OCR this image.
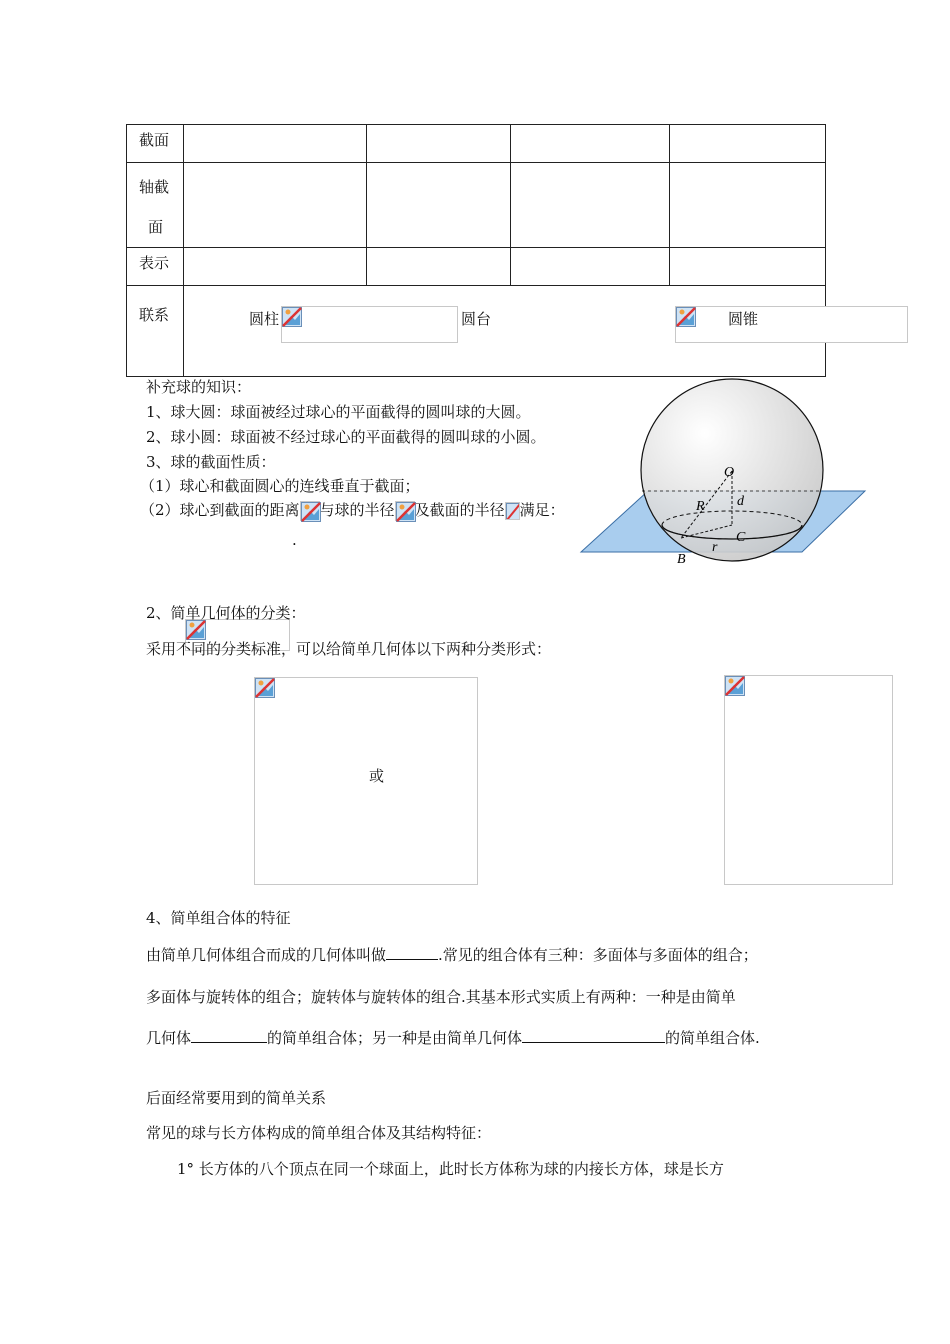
截面				

轴截
面				

表示				

联系	圆柱
圆台 圆锥			
补充球的知识：
1、球大圆：球面被经过球心的平面截得的圆叫球的大圆。
2、球小圆：球面被不经过球心的平面截得的圆叫球的小圆。
3、球的截面性质：
（1）球心和截面圆心的连线垂直于截面；
（2）球心到截面的距离 与球的半径 及截面的半径 满足：

.
O
d
R
C
r
B
2、简单几何体的分类：
采用不同的分类标准，可以给简单几何体以下两种分类形式：

或
4、简单组合体的特征
由简单几何体组合而成的几何体叫做	.常见的组合体有三种：多面体与多面体的组合；
多面体与旋转体的组合；旋转体与旋转体的组合.其基本形式实质上有两种：一种是由简单
几何体	的简单组合体；另一种是由简单几何体	的简单组合体.
后面经常要用到的简单关系
常见的球与长方体构成的简单组合体及其结构特征：
1° 长方体的八个顶点在同一个球面上，此时长方体称为球的内接长方体，球是长方
